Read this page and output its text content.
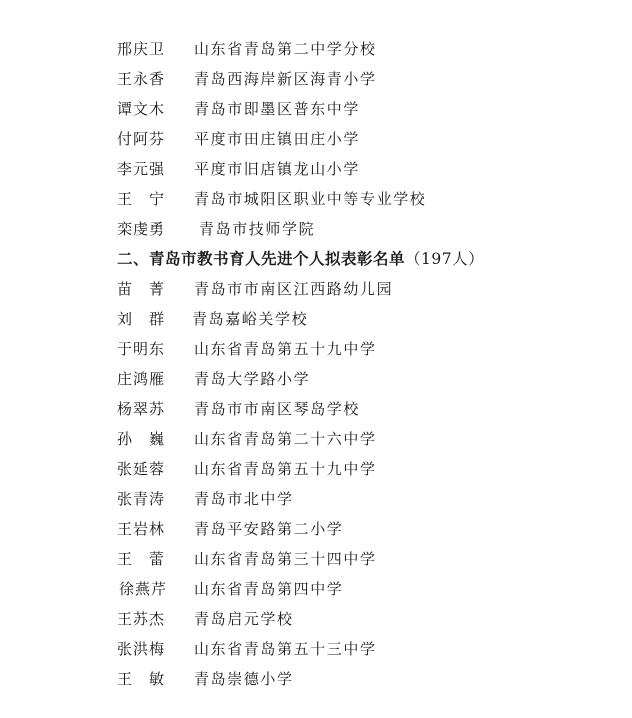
邢庆卫	山东省青岛第二中学分校
王永香	青岛西海岸新区海青小学
谭文木	青岛市即墨区普东中学
付阿芬	平度市田庄镇田庄小学
李元强	平度市旧店镇龙山小学
王　宁	青岛市城阳区职业中等专业学校
栾虔勇	青岛市技师学院
二、青岛市教书育人先进个人拟表彰名单（197人）
苗　菁	青岛市市南区江西路幼儿园
刘　群	青岛嘉峪关学校
于明东	山东省青岛第五十九中学
庄鸿雁	青岛大学路小学
杨翠苏	青岛市市南区琴岛学校
孙　巍	山东省青岛第二十六中学
张延蓉	山东省青岛第五十九中学
张青涛	青岛市北中学
王岩林	青岛平安路第二小学
王　蕾	山东省青岛第三十四中学
徐燕芹	山东省青岛第四中学
王苏杰	青岛启元学校
张洪梅	山东省青岛第五十三中学
王　敏	青岛崇德小学
